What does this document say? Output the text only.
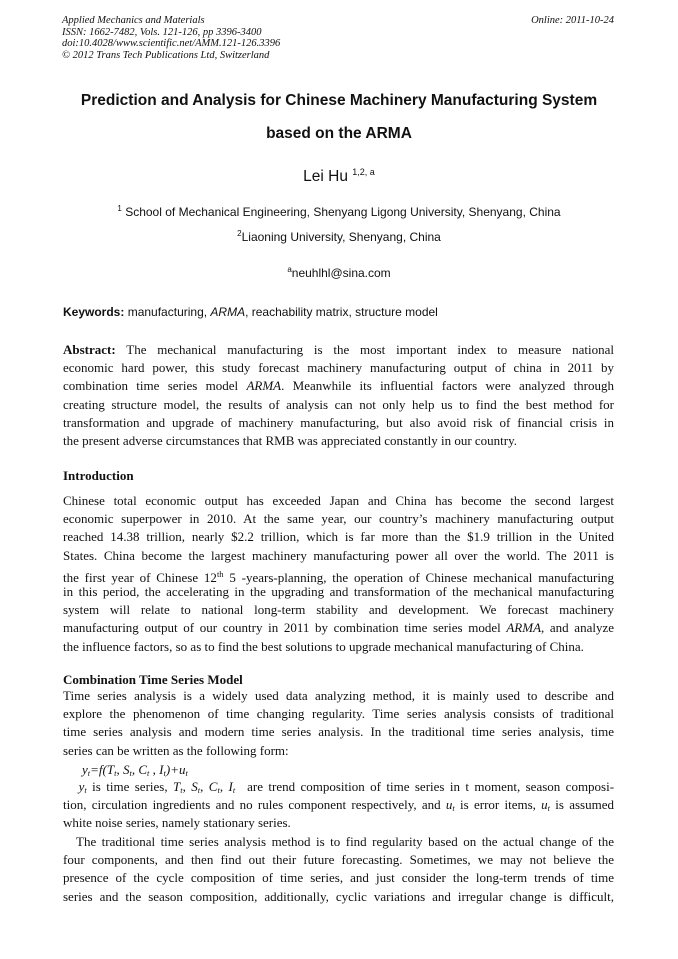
Applied Mechanics and Materials
ISSN: 1662-7482, Vols. 121-126, pp 3396-3400
doi:10.4028/www.scientific.net/AMM.121-126.3396
© 2012 Trans Tech Publications Ltd, Switzerland
Online: 2011-10-24
Prediction and Analysis for Chinese Machinery Manufacturing System
based on the ARMA
Lei Hu $^{1,2, a}$
$^1$ School of Mechanical Engineering, Shenyang Ligong University, Shenyang, China
$^2$Liaoning University, Shenyang, China
$^a$neuhlhl@sina.com
Keywords: manufacturing, ARMA, reachability matrix, structure model
Abstract: The mechanical manufacturing is the most important index to measure national
economic hard power, this study forecast machinery manufacturing output of china in 2011 by
combination time series model ARMA. Meanwhile its influential factors were analyzed through
creating structure model, the results of analysis can not only help us to find the best method for
transformation and upgrade of machinery manufacturing, but also avoid risk of financial crisis in
the present adverse circumstances that RMB was appreciated constantly in our country.
Introduction
Chinese total economic output has exceeded Japan and China has become the second largest
economic superpower in 2010. At the same year, our country’s machinery manufacturing output
reached 14.38 trillion, nearly $2.2 trillion, which is far more than the $1.9 trillion in the United
States. China become the largest machinery manufacturing power all over the world. The 2011 is
the first year of Chinese 12th 5 -years-planning, the operation of Chinese mechanical manufacturing
in this period, the accelerating in the upgrading and transformation of the mechanical manufacturing
system will relate to national long-term stability and development. We forecast machinery
manufacturing output of our country in 2011 by combination time series model ARMA, and analyze
the influence factors, so as to find the best solutions to upgrade mechanical manufacturing of China.
Combination Time Series Model
Time series analysis is a widely used data analyzing method, it is mainly used to describe and
explore the phenomenon of time changing regularity. Time series analysis consists of traditional
time series analysis and modern time series analysis. In the traditional time series analysis, time
series can be written as the following form:
$y_t=f(T_t$, $S_t$, $C_t$ , $I_t)+u_t$
  $y_t$ is time series, $T_t$, $S_t$, $C_t$, $I_t$  are trend composition of time series in t moment, season composi-
tion, circulation ingredients and no rules component respectively, and $u_t$ is error items, $u_t$ is assumed
white noise series, namely stationary series.
 The traditional time series analysis method is to find regularity based on the actual change of the
four components, and then find out their future forecasting. Sometimes, we may not believe the
presence of the cycle composition of time series, and just consider the long-term trends of time
series and the season composition, additionally, cyclic variations and irregular change is difficult,
